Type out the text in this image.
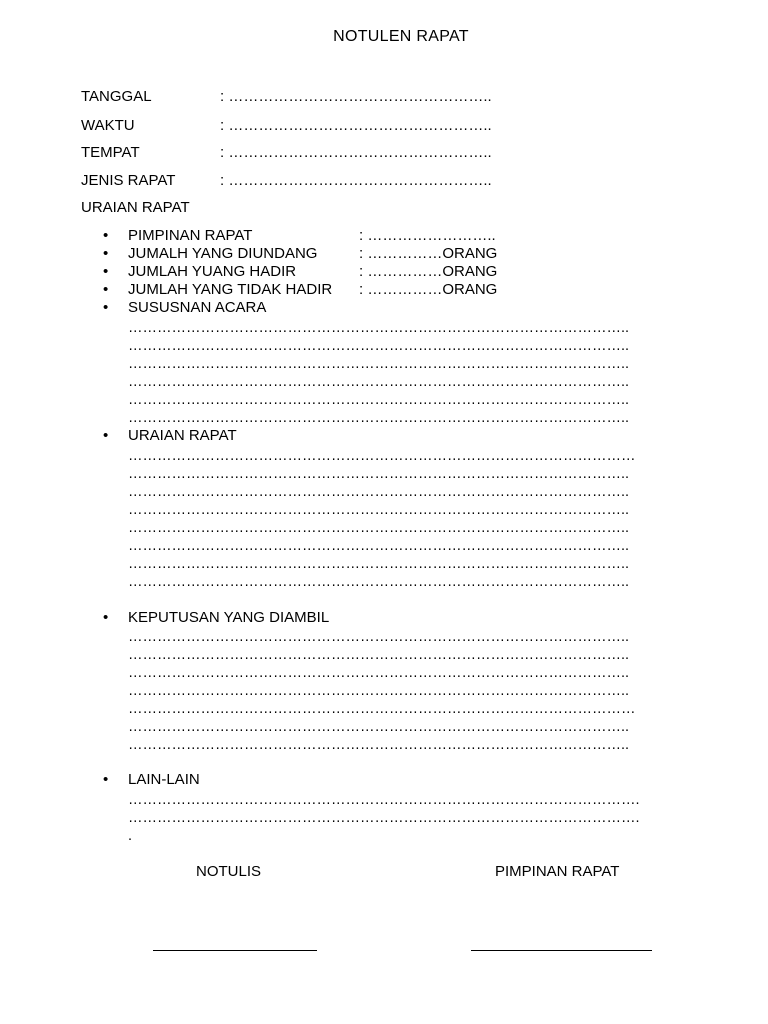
NOTULEN RAPAT
TANGGAL	: ……………………………………………..
WAKTU	: ……………………………………………..
TEMPAT	: ……………………………………………..
JENIS RAPAT	: ……………………………………………..
URAIAN RAPAT
• PIMPINAN RAPAT	: ……………………..
• JUMALH YANG DIUNDANG	: ……………ORANG
• JUMLAH YUANG HADIR	: ……………ORANG
• JUMLAH YANG TIDAK HADIR : ……………ORANG
• SUSUSNAN ACARA
…………………………………………………………………………………………..
…………………………………………………………………………………………..
…………………………………………………………………………………………..
…………………………………………………………………………………………..
…………………………………………………………………………………………..
…………………………………………………………………………………………..
• URAIAN RAPAT
……………………………………………………………………………………………
…………………………………………………………………………………………..
…………………………………………………………………………………………..
…………………………………………………………………………………………..
…………………………………………………………………………………………..
…………………………………………………………………………………………..
…………………………………………………………………………………………..
…………………………………………………………………………………………..
• KEPUTUSAN YANG DIAMBIL
…………………………………………………………………………………………..
…………………………………………………………………………………………..
…………………………………………………………………………………………..
…………………………………………………………………………………………..
……………………………………………………………………………………………
…………………………………………………………………………………………..
…………………………………………………………………………………………..
• LAIN-LAIN
…………………………………………………………………………………………….
…………………………………………………………………………………………….
.
NOTULIS	PIMPINAN RAPAT
